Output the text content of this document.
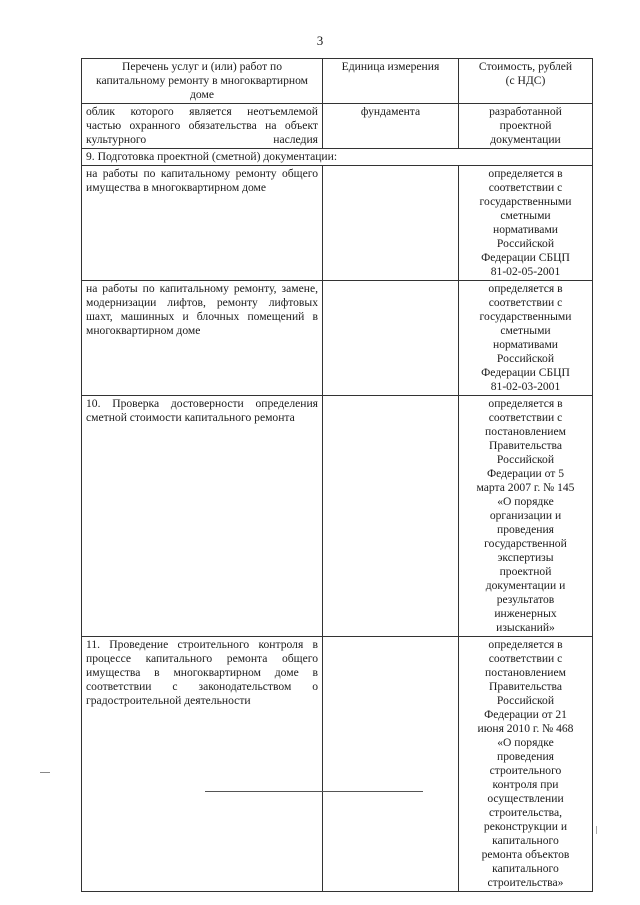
3
Перечень услуг и (или) работ по капитальному ремонту в многоквартирном доме	Единица измерения	Стоимость, рублей (с НДС)
облик которого является неотъемлемой частью охранного обязательства на объект культурного наследия	фундамента	разработанной проектной документации
9. Подготовка проектной (сметной) документации:		
на работы по капитальному ремонту общего имущества в многоквартирном доме		определяется в соответствии с государственными сметными нормативами Российской Федерации СБЦП 81-02-05-2001
на работы по капитальному ремонту, замене, модернизации лифтов, ремонту лифтовых шахт, машинных и блочных помещений в многоквартирном доме		определяется в соответствии с государственными сметными нормативами Российской Федерации СБЦП 81-02-03-2001
10. Проверка достоверности определения сметной стоимости капитального ремонта		определяется в соответствии с постановлением Правительства Российской Федерации от 5 марта 2007 г. № 145 «О порядке организации и проведения государственной экспертизы проектной документации и результатов инженерных изысканий»
11. Проведение строительного контроля в процессе капитального ремонта общего имущества в многоквартирном доме в соответствии с законодательством о градостроительной деятельности		определяется в соответствии с постановлением Правительства Российской Федерации от 21 июня 2010 г. № 468 «О порядке проведения строительного контроля при осуществлении строительства, реконструкции и капитального ремонта объектов капитального строительства»
